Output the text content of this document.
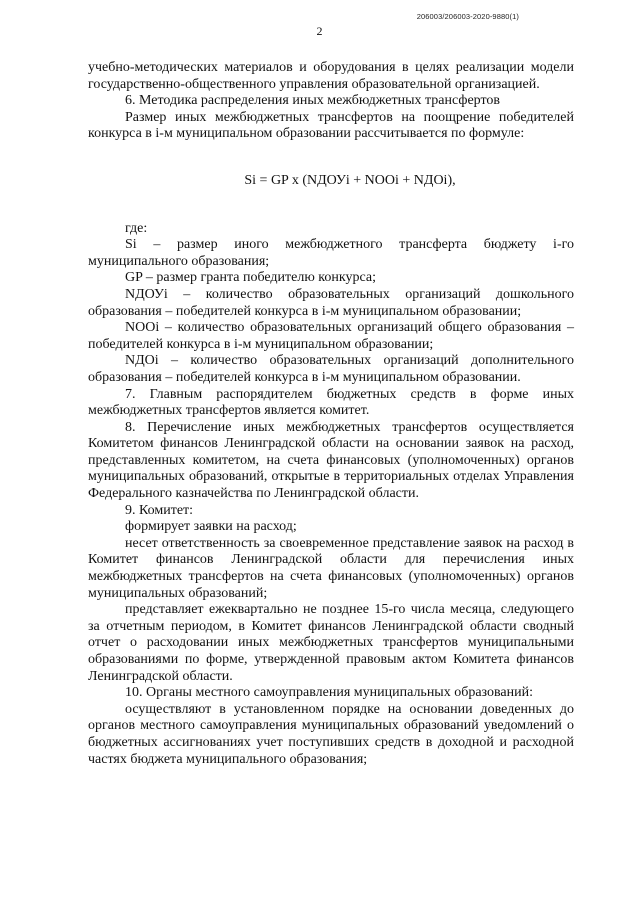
206003/206003-2020-9880(1)
2

учебно-методических материалов и оборудования в целях реализации модели государственно-общественного управления образовательной организацией.

6. Методика распределения иных межбюджетных трансфертов

Размер иных межбюджетных трансфертов на поощрение победителей конкурса в i-м муниципальном образовании рассчитывается по формуле:

Si = GP х (NДОУi + NOOi + NДОi),

где:

Si – размер иного межбюджетного трансферта бюджету i-го муниципального образования;

GP – размер гранта победителю конкурса;

NДОУi – количество образовательных организаций дошкольного образования – победителей конкурса в i-м муниципальном образовании;

NOOi – количество образовательных организаций общего образования – победителей конкурса в i-м муниципальном образовании;

NДОi – количество образовательных организаций дополнительного образования – победителей конкурса в i-м муниципальном образовании.

7. Главным распорядителем бюджетных средств в форме иных межбюджетных трансфертов является комитет.

8. Перечисление иных межбюджетных трансфертов осуществляется Комитетом финансов Ленинградской области на основании заявок на расход, представленных комитетом, на счета финансовых (уполномоченных) органов муниципальных образований, открытые в территориальных отделах Управления Федерального казначейства по Ленинградской области.

9. Комитет:

формирует заявки на расход;

несет ответственность за своевременное представление заявок на расход в Комитет финансов Ленинградской области для перечисления иных межбюджетных трансфертов на счета финансовых (уполномоченных) органов муниципальных образований;

представляет ежеквартально не позднее 15-го числа месяца, следующего за отчетным периодом, в Комитет финансов Ленинградской области сводный отчет о расходовании иных межбюджетных трансфертов муниципальными образованиями по форме, утвержденной правовым актом Комитета финансов Ленинградской области.

10. Органы местного самоуправления муниципальных образований:

осуществляют в установленном порядке на основании доведенных до органов местного самоуправления муниципальных образований уведомлений о бюджетных ассигнованиях учет поступивших средств в доходной и расходной частях бюджета муниципального образования;
